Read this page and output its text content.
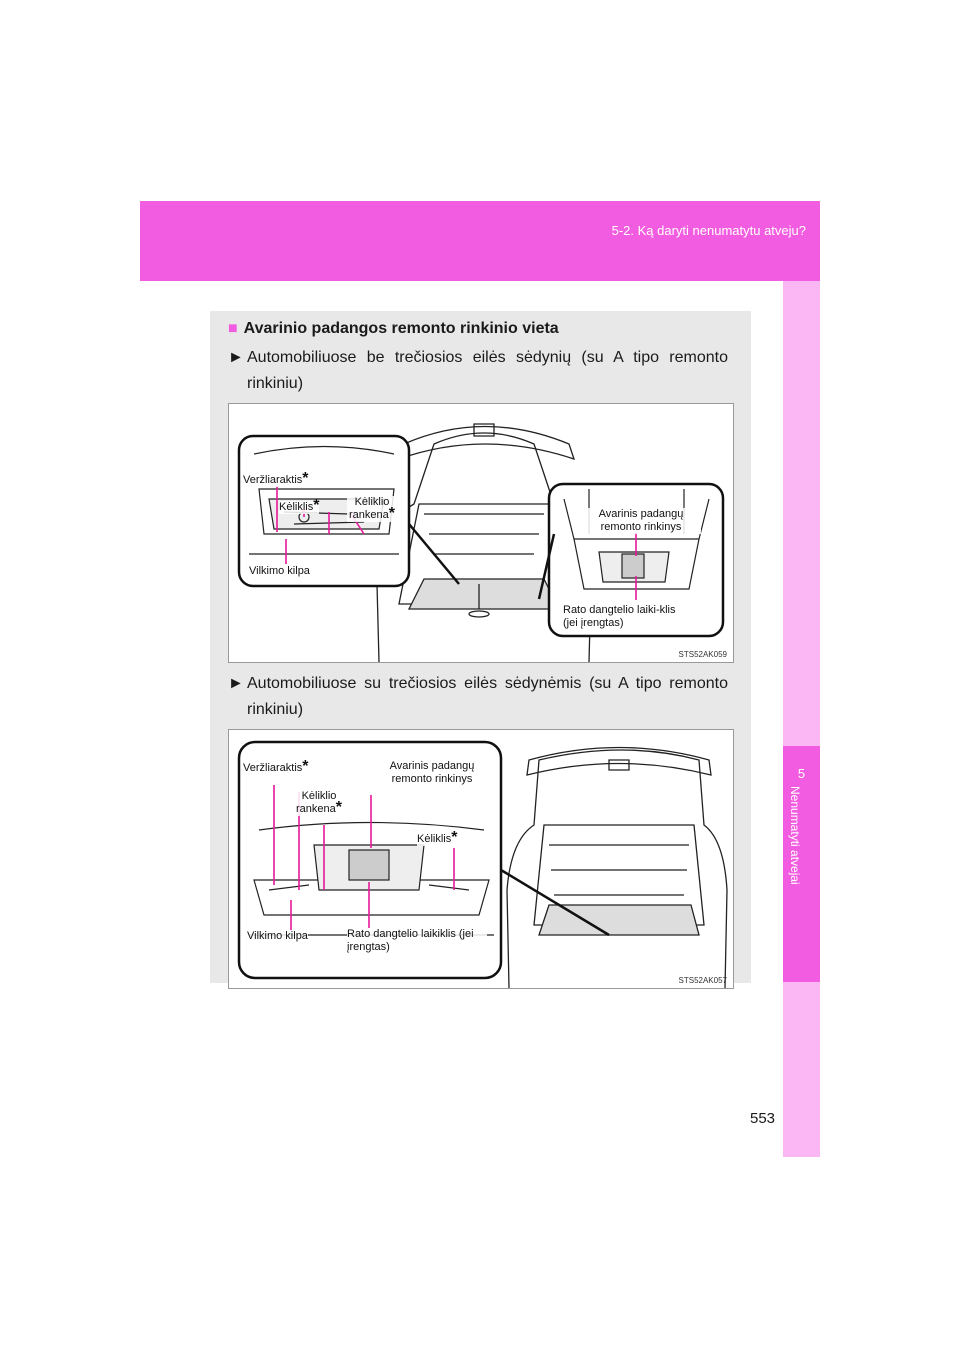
5-2. Ką daryti nenumatytu atveju?
5
Nenumatyti atvejai
■ Avarinio padangos remonto rinkinio vieta
► Automobiliuose be trečiosios eilės sėdynių (su A tipo remonto rinkiniu)
Veržliaraktis*
Kėliklis*	Kėliklio rankena*
Vilkimo kilpa
Avarinis padangų remonto rinkinys
Rato dangtelio laiki-klis (jei įrengtas)
STS52AK059
► Automobiliuose su trečiosios eilės sėdynėmis (su A tipo remonto rinkiniu)
Veržliaraktis*	Avarinis padangų remonto rinkinys
Kėliklio rankena*
Kėliklis*
Vilkimo kilpa	Rato dangtelio laikiklis (jei įrengtas)
STS52AK057
553
